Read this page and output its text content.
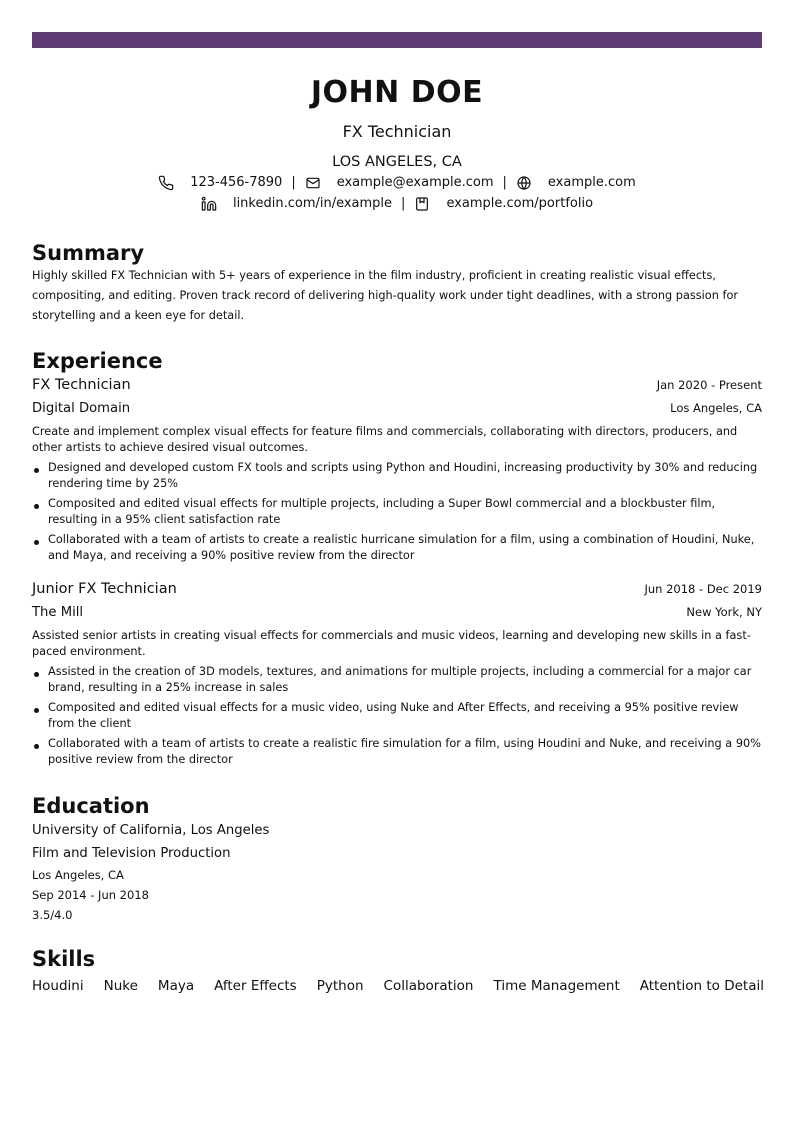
JOHN DOE
FX Technician
LOS ANGELES, CA
123-456-7890 |	example@example.com |	example.com
linkedin.com/in/example |	example.com/portfolio
Summary
Highly skilled FX Technician with 5+ years of experience in the film industry, proficient in creating realistic visual effects, compositing, and editing. Proven track record of delivering high-quality work under tight deadlines, with a strong passion for storytelling and a keen eye for detail.
Experience
FX Technician	Jan 2020 - Present
Digital Domain	Los Angeles, CA
Create and implement complex visual effects for feature films and commercials, collaborating with directors, producers, and other artists to achieve desired visual outcomes.
Designed and developed custom FX tools and scripts using Python and Houdini, increasing productivity by 30% and reducing rendering time by 25%
Composited and edited visual effects for multiple projects, including a Super Bowl commercial and a blockbuster film, resulting in a 95% client satisfaction rate
Collaborated with a team of artists to create a realistic hurricane simulation for a film, using a combination of Houdini, Nuke, and Maya, and receiving a 90% positive review from the director
Junior FX Technician	Jun 2018 - Dec 2019
The Mill	New York, NY
Assisted senior artists in creating visual effects for commercials and music videos, learning and developing new skills in a fast-paced environment.
Assisted in the creation of 3D models, textures, and animations for multiple projects, including a commercial for a major car brand, resulting in a 25% increase in sales
Composited and edited visual effects for a music video, using Nuke and After Effects, and receiving a 95% positive review from the client
Collaborated with a team of artists to create a realistic fire simulation for a film, using Houdini and Nuke, and receiving a 90% positive review from the director
Education
University of California, Los Angeles
Film and Television Production
Los Angeles, CA
Sep 2014 - Jun 2018
3.5/4.0
Skills
Houdini Nuke Maya After Effects Python Collaboration Time Management Attention to Detail
